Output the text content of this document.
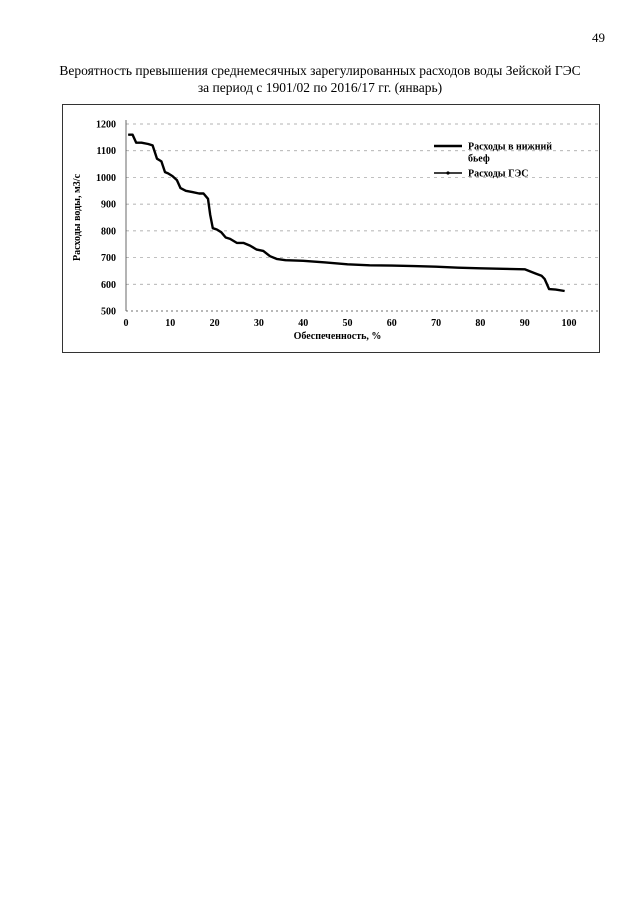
49
Вероятность превышения среднемесячных зарегулированных расходов воды Зейской ГЭС
за период с 1901/02 по 2016/17 гг. (январь)
500
600
700
800
900
1000
1100
1200
0	10	20	30	40	50	60	70	80	90	100
Расходы в нижний
бьеф
Расходы ГЭС
Обеспеченность, %
Расходы воды, м3/с
